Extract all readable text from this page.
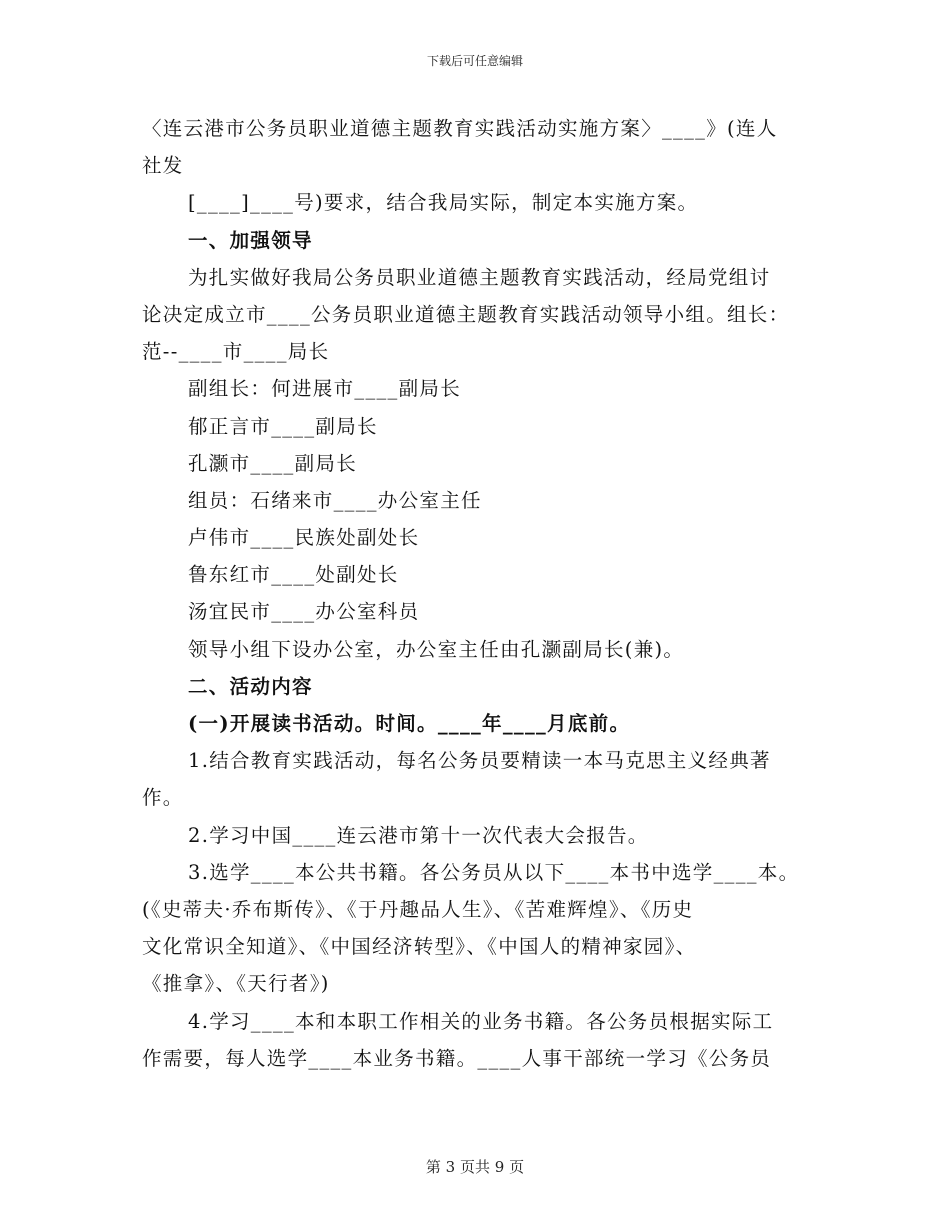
下载后可任意编辑
〈连云港市公务员职业道德主题教育实践活动实施方案〉____》(连人
社发
[____]____号)要求，结合我局实际，制定本实施方案。
一、加强领导
为扎实做好我局公务员职业道德主题教育实践活动，经局党组讨
论决定成立市____公务员职业道德主题教育实践活动领导小组。组长：
范--____市____局长
副组长：何进展市____副局长
郁正言市____副局长
孔灏市____副局长
组员：石绪来市____办公室主任
卢伟市____民族处副处长
鲁东红市____处副处长
汤宜民市____办公室科员
领导小组下设办公室，办公室主任由孔灏副局长(兼)。
二、活动内容
(一)开展读书活动。时间。____年____月底前。
1.结合教育实践活动，每名公务员要精读一本马克思主义经典著
作。
2.学习中国____连云港市第十一次代表大会报告。
3.选学____本公共书籍。各公务员从以下____本书中选学____本。
(《史蒂夫·乔布斯传》、《于丹趣品人生》、《苦难辉煌》、《历史
文化常识全知道》、《中国经济转型》、《中国人的精神家园》、
《推拿》、《天行者》)
4.学习____本和本职工作相关的业务书籍。各公务员根据实际工
作需要，每人选学____本业务书籍。____人事干部统一学习《公务员
第 3 页共 9 页
